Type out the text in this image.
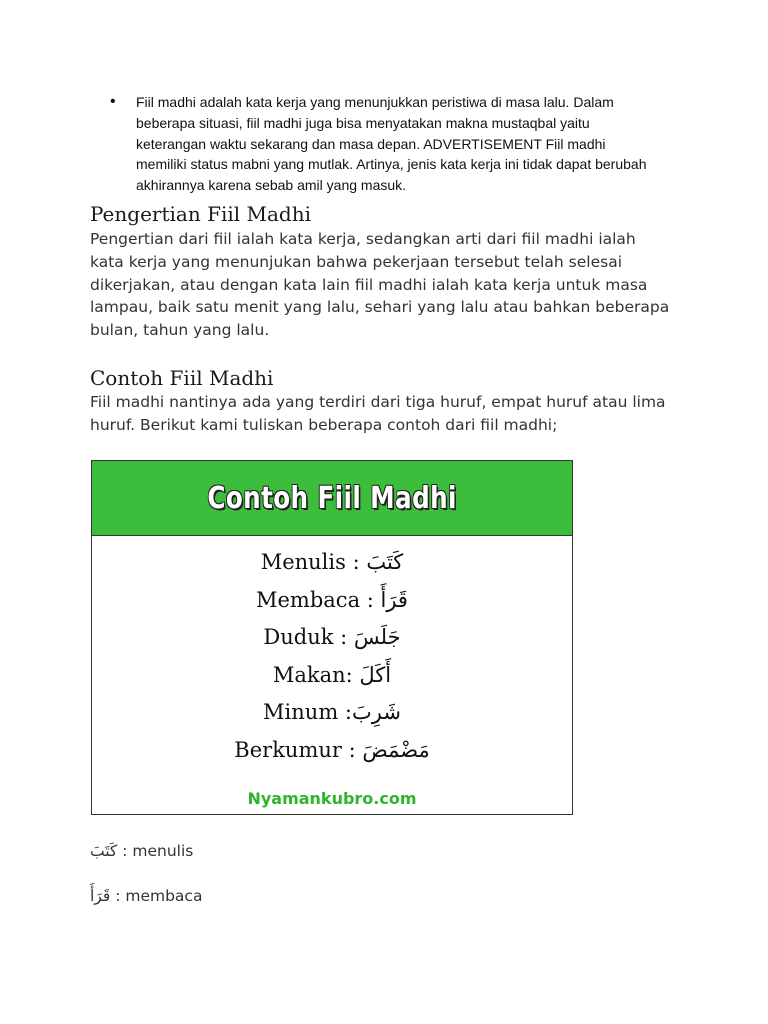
• Fiil madhi adalah kata kerja yang menunjukkan peristiwa di masa lalu. Dalam beberapa situasi, fiil madhi juga bisa menyatakan makna mustaqbal yaitu keterangan waktu sekarang dan masa depan. ADVERTISEMENT Fiil madhi memiliki status mabni yang mutlak. Artinya, jenis kata kerja ini tidak dapat berubah akhirannya karena sebab amil yang masuk.
Pengertian Fiil Madhi

Pengertian dari fiil ialah kata kerja, sedangkan arti dari fiil madhi ialah kata kerja yang menunjukan bahwa pekerjaan tersebut telah selesai dikerjakan, atau dengan kata lain fiil madhi ialah kata kerja untuk masa lampau, baik satu menit yang lalu, sehari yang lalu atau bahkan beberapa bulan, tahun yang lalu.

Contoh Fiil Madhi

Fiil madhi nantinya ada yang terdiri dari tiga huruf, empat huruf atau lima huruf. Berikut kami tuliskan beberapa contoh dari fiil madhi;

Contoh Fiil Madhi
Menulis : كَتَبَ
Membaca : قَرَأَ
Duduk : جَلَسَ
Makan: أَكَلَ
Minum :شَرِبَ
Berkumur : مَضْمَضَ
Nyamankubro.com

كَتَبَ : menulis

قَرَأَ : membaca
